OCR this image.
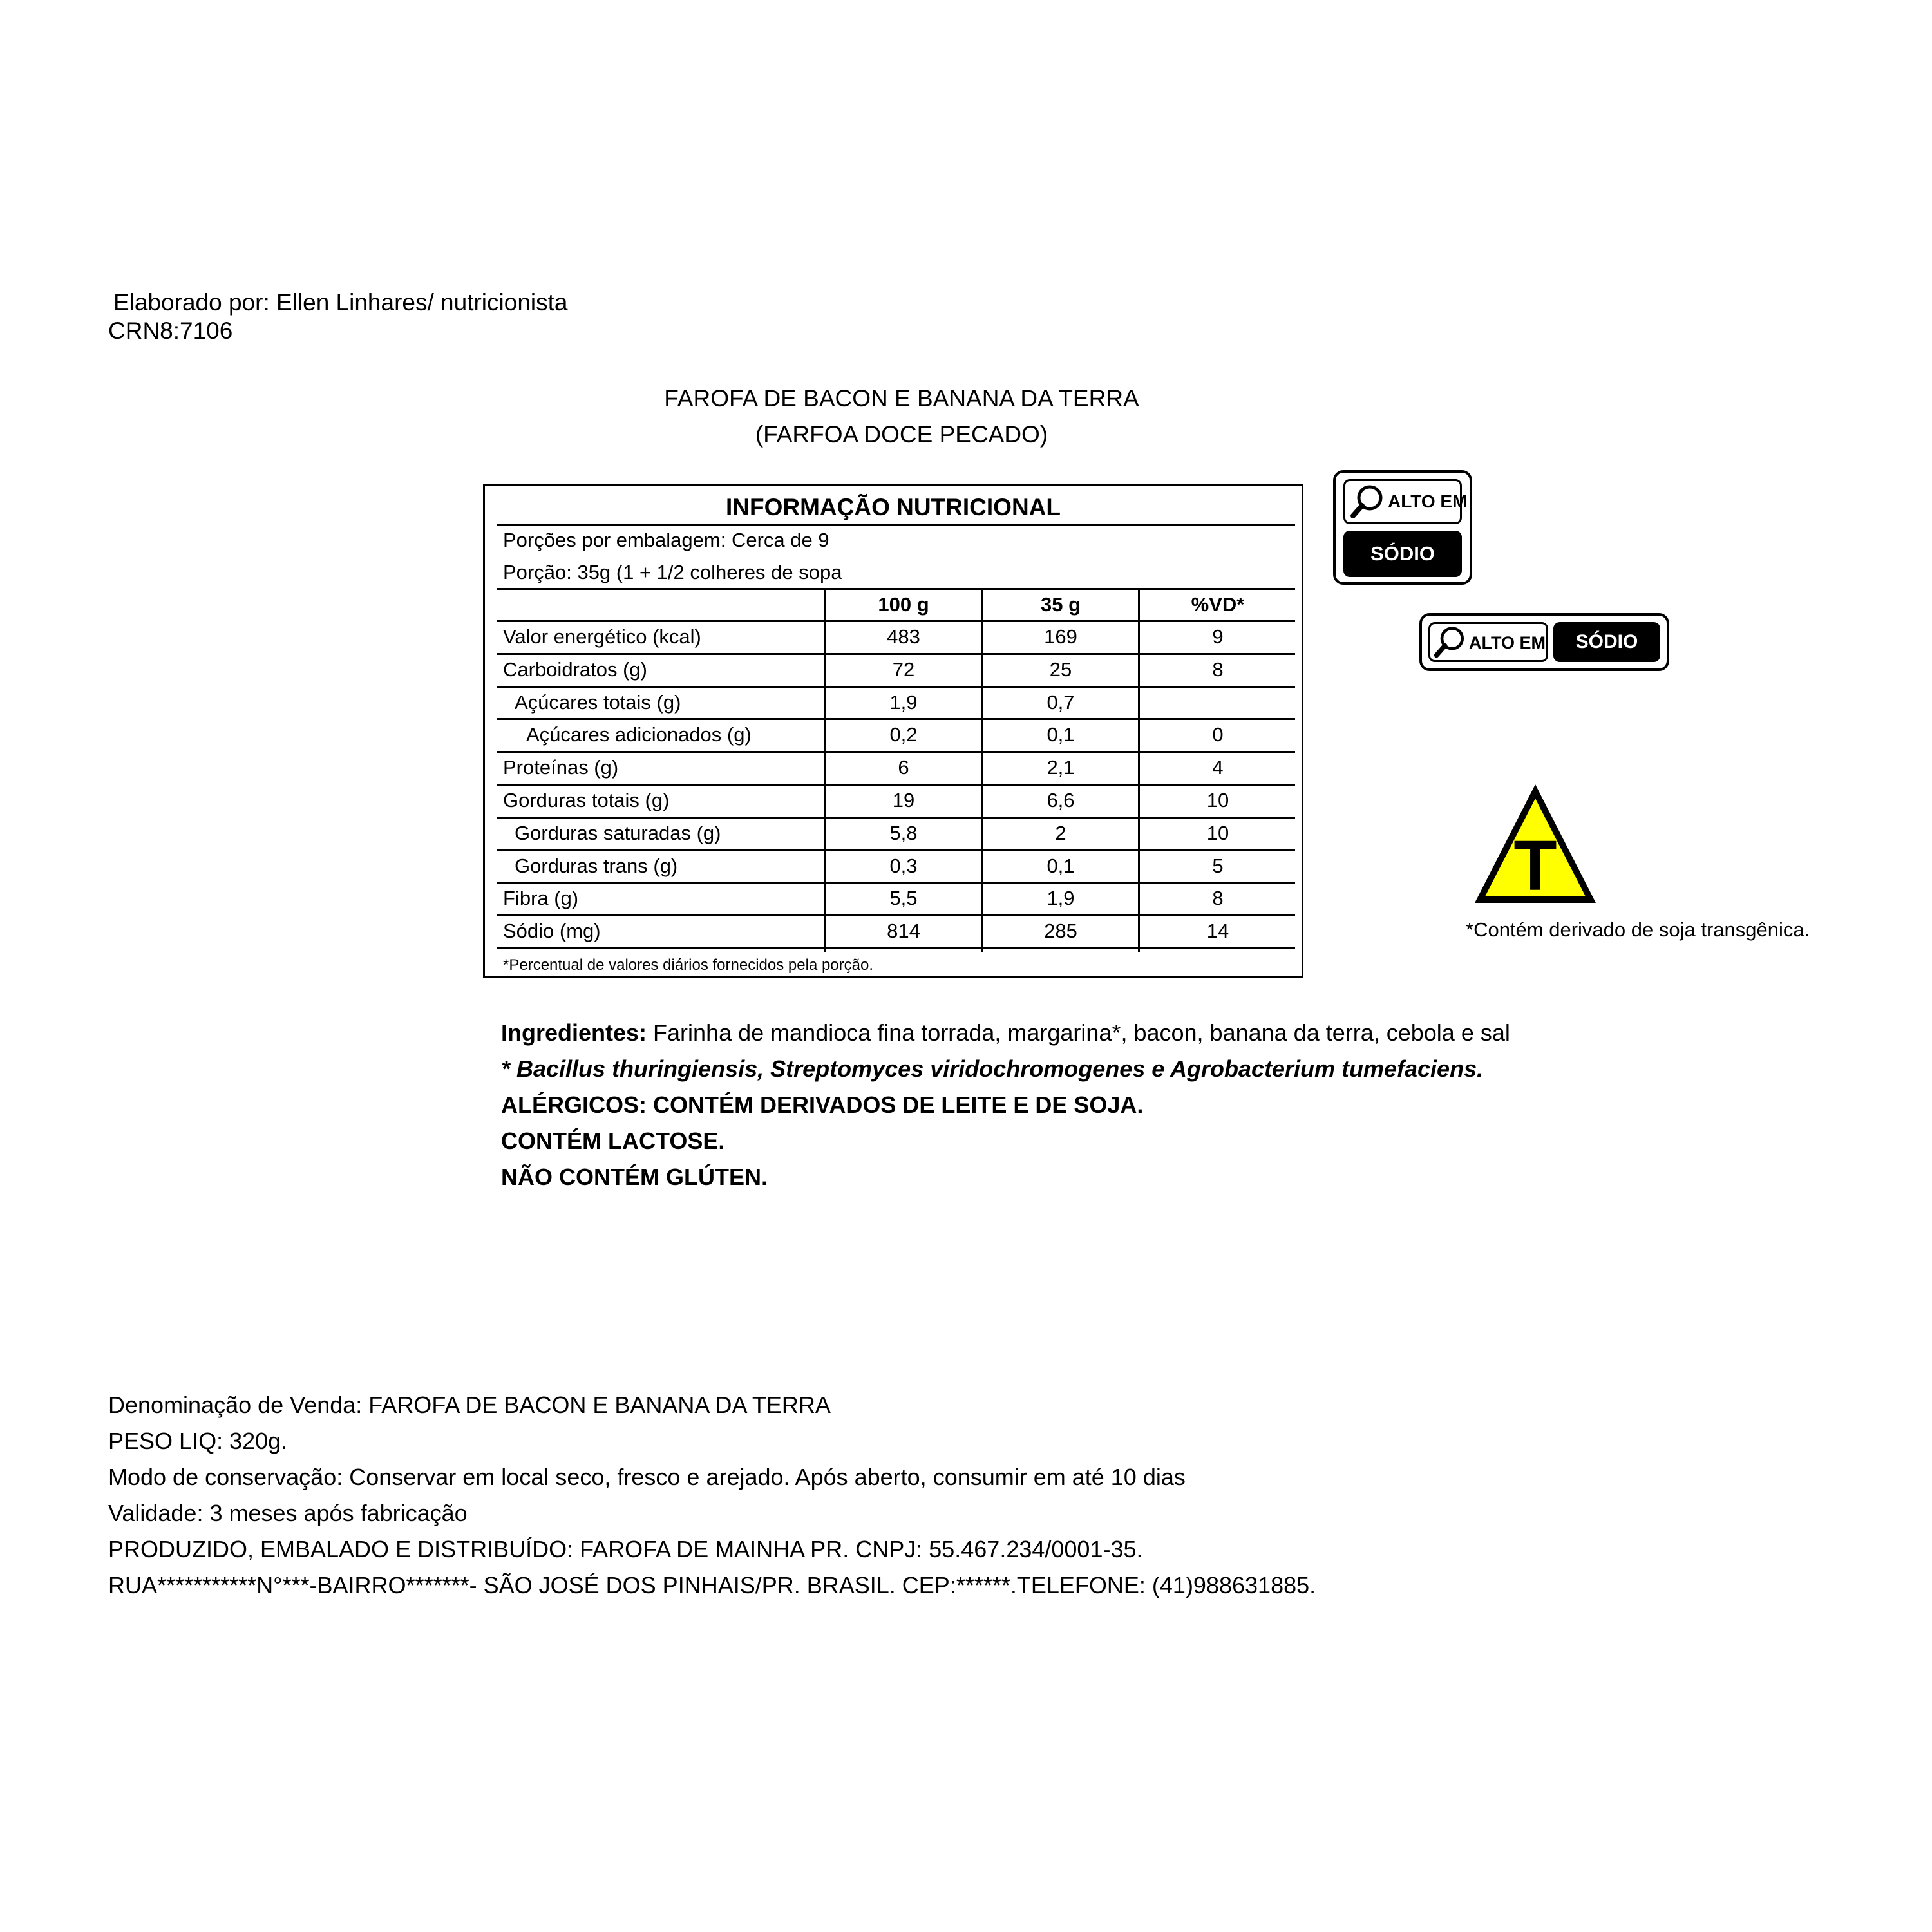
Elaborado por: Ellen Linhares/ nutricionista
CRN8:7106
FAROFA DE BACON E BANANA DA TERRA
(FARFOA DOCE PECADO)
INFORMAÇÃO NUTRICIONAL
Porções por embalagem: Cerca de 9
Porção: 35g (1 + 1/2 colheres de sopa
100 g	35 g	%VD*
Valor energético (kcal)	483	169	9
Carboidratos (g)	72	25	8
Açúcares totais (g)	1,9	0,7
Açúcares adicionados (g)	0,2	0,1	0
Proteínas (g)	6	2,1	4
Gorduras totais (g)	19	6,6	10
Gorduras saturadas (g)	5,8	2	10
Gorduras trans (g)	0,3	0,1	5
Fibra (g)	5,5	1,9	8
Sódio (mg)	814	285	14
*Percentual de valores diários fornecidos pela porção.
ALTO EM
SÓDIO
ALTO EM	SÓDIO
T
*Contém derivado de soja transgênica.
Ingredientes: Farinha de mandioca fina torrada, margarina*, bacon, banana da terra, cebola e sal
* Bacillus thuringiensis, Streptomyces viridochromogenes e Agrobacterium tumefaciens.
ALÉRGICOS: CONTÉM DERIVADOS DE LEITE E DE SOJA.
CONTÉM LACTOSE.
NÃO CONTÉM GLÚTEN.
Denominação de Venda: FAROFA DE BACON E BANANA DA TERRA
PESO LIQ: 320g.
Modo de conservação: Conservar em local seco, fresco e arejado. Após aberto, consumir em até 10 dias
Validade: 3 meses após fabricação
PRODUZIDO, EMBALADO E DISTRIBUÍDO: FAROFA DE MAINHA PR. CNPJ: 55.467.234/0001-35.
RUA***********N°***-BAIRRO*******- SÃO JOSÉ DOS PINHAIS/PR. BRASIL. CEP:******.TELEFONE: (41)988631885.
